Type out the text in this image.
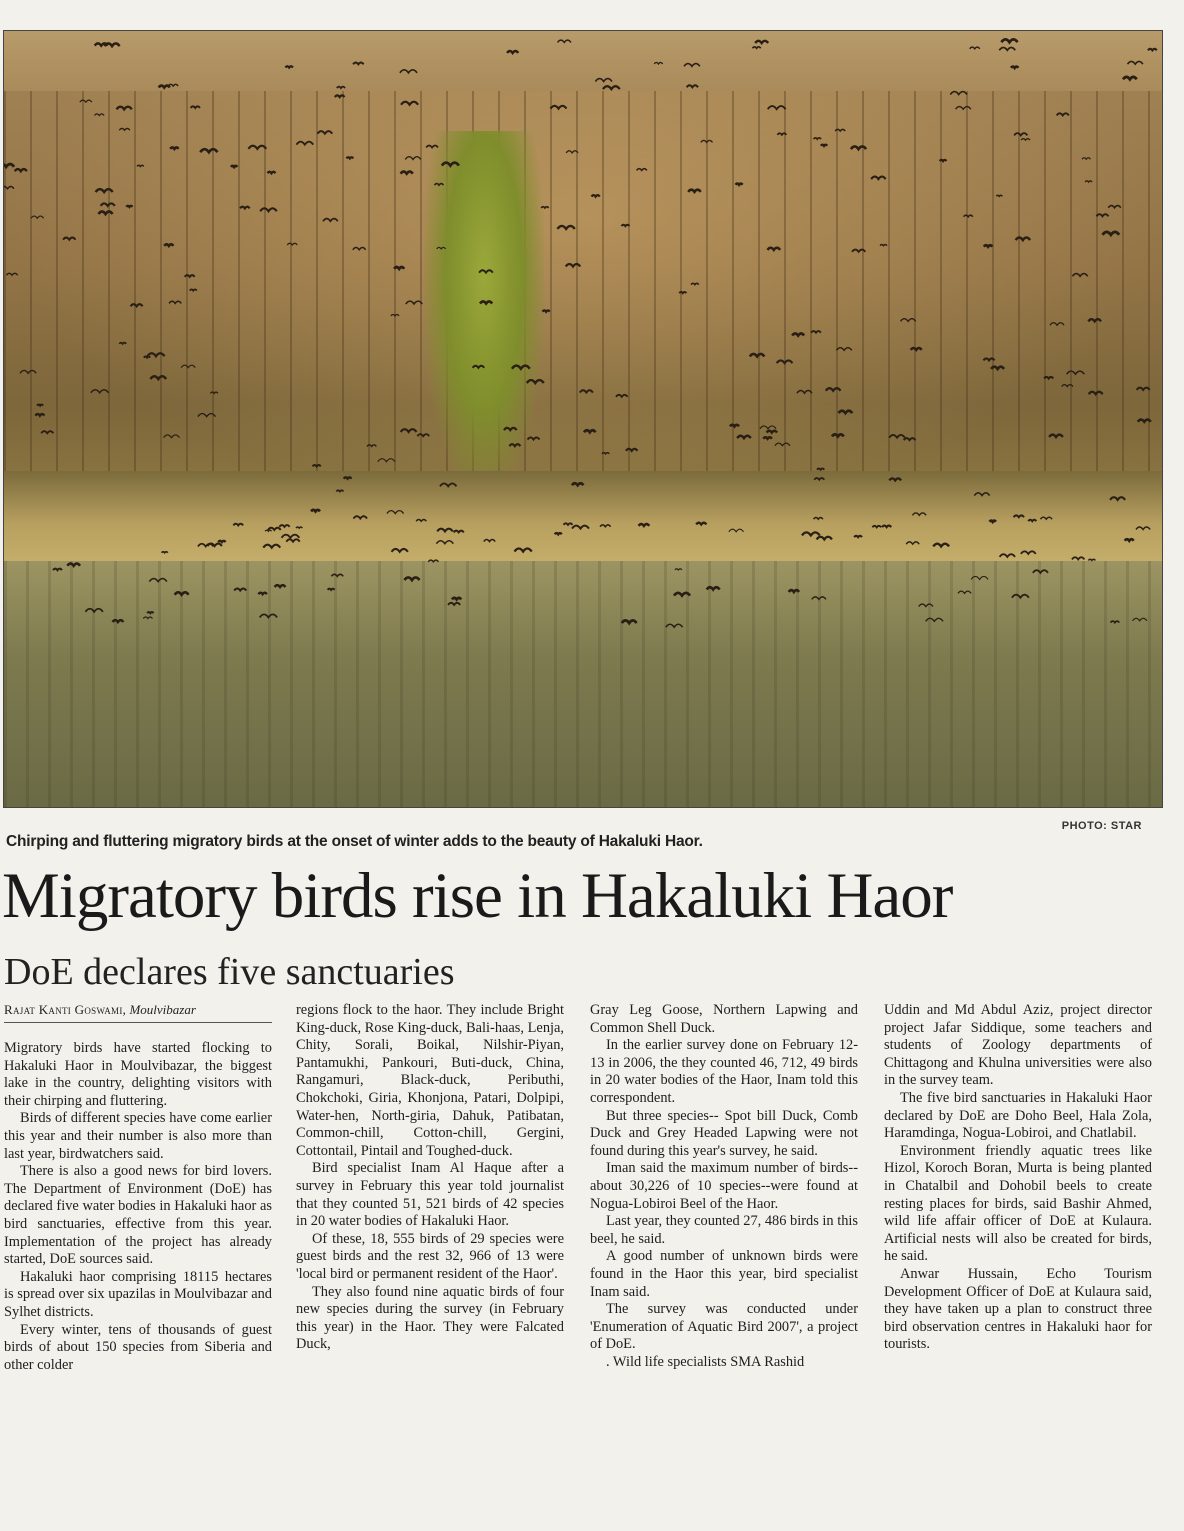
PHOTO: STAR
Chirping and fluttering migratory birds at the onset of winter adds to the beauty of Hakaluki Haor.
Migratory birds rise in Hakaluki Haor
DoE declares five sanctuaries
Rajat Kanti Goswami, Moulvibazar

Migratory birds have started flocking to Hakaluki Haor in Moulvibazar, the biggest lake in the country, delighting visitors with their chirping and fluttering.

Birds of different species have come earlier this year and their number is also more than last year, birdwatchers said.

There is also a good news for bird lovers. The Department of Environment (DoE) has declared five water bodies in Hakaluki haor as bird sanctuaries, effective from this year. Implementation of the project has already started, DoE sources said.

Hakaluki haor comprising 18115 hectares is spread over six upazilas in Moulvibazar and Sylhet districts.

Every winter, tens of thousands of guest birds of about 150 species from Siberia and other colder

regions flock to the haor. They include Bright King-duck, Rose King-duck, Bali-haas, Lenja, Chity, Sorali, Boikal, Nilshir-Piyan, Pantamukhi, Pankouri, Buti-duck, China, Rangamuri, Black-duck, Peributhi, Chokchoki, Giria, Khonjona, Patari, Dolpipi, Water-hen, North-giria, Dahuk, Patibatan, Common-chill, Cotton-chill, Gergini, Cottontail, Pintail and Toughed-duck.

Bird specialist Inam Al Haque after a survey in February this year told journalist that they counted 51, 521 birds of 42 species in 20 water bodies of Hakaluki Haor.

Of these, 18, 555 birds of 29 species were guest birds and the rest 32, 966 of 13 were 'local bird or permanent resident of the Haor'.

They also found nine aquatic birds of four new species during the survey (in February this year) in the Haor. They were Falcated Duck,

Gray Leg Goose, Northern Lapwing and Common Shell Duck.

In the earlier survey done on February 12-13 in 2006, the they counted 46, 712, 49 birds in 20 water bodies of the Haor, Inam told this correspondent.

But three species-- Spot bill Duck, Comb Duck and Grey Headed Lapwing were not found during this year's survey, he said.

Iman said the maximum number of birds--about 30,226 of 10 species--were found at Nogua-Lobiroi Beel of the Haor.

Last year, they counted 27, 486 birds in this beel, he said.

A good number of unknown birds were found in the Haor this year, bird specialist Inam said.

The survey was conducted under 'Enumeration of Aquatic Bird 2007', a project of DoE.

. Wild life specialists SMA Rashid

Uddin and Md Abdul Aziz, project director project Jafar Siddique, some teachers and students of Zoology departments of Chittagong and Khulna universities were also in the survey team.

The five bird sanctuaries in Hakaluki Haor declared by DoE are Doho Beel, Hala Zola, Haramdinga, Nogua-Lobiroi, and Chatlabil.

Environment friendly aquatic trees like Hizol, Koroch Boran, Murta is being planted in Chatalbil and Dohobil beels to create resting places for birds, said Bashir Ahmed, wild life affair officer of DoE at Kulaura. Artificial nests will also be created for birds, he said.

Anwar Hussain, Echo Tourism Development Officer of DoE at Kulaura said, they have taken up a plan to construct three bird observation centres in Hakaluki haor for tourists.
